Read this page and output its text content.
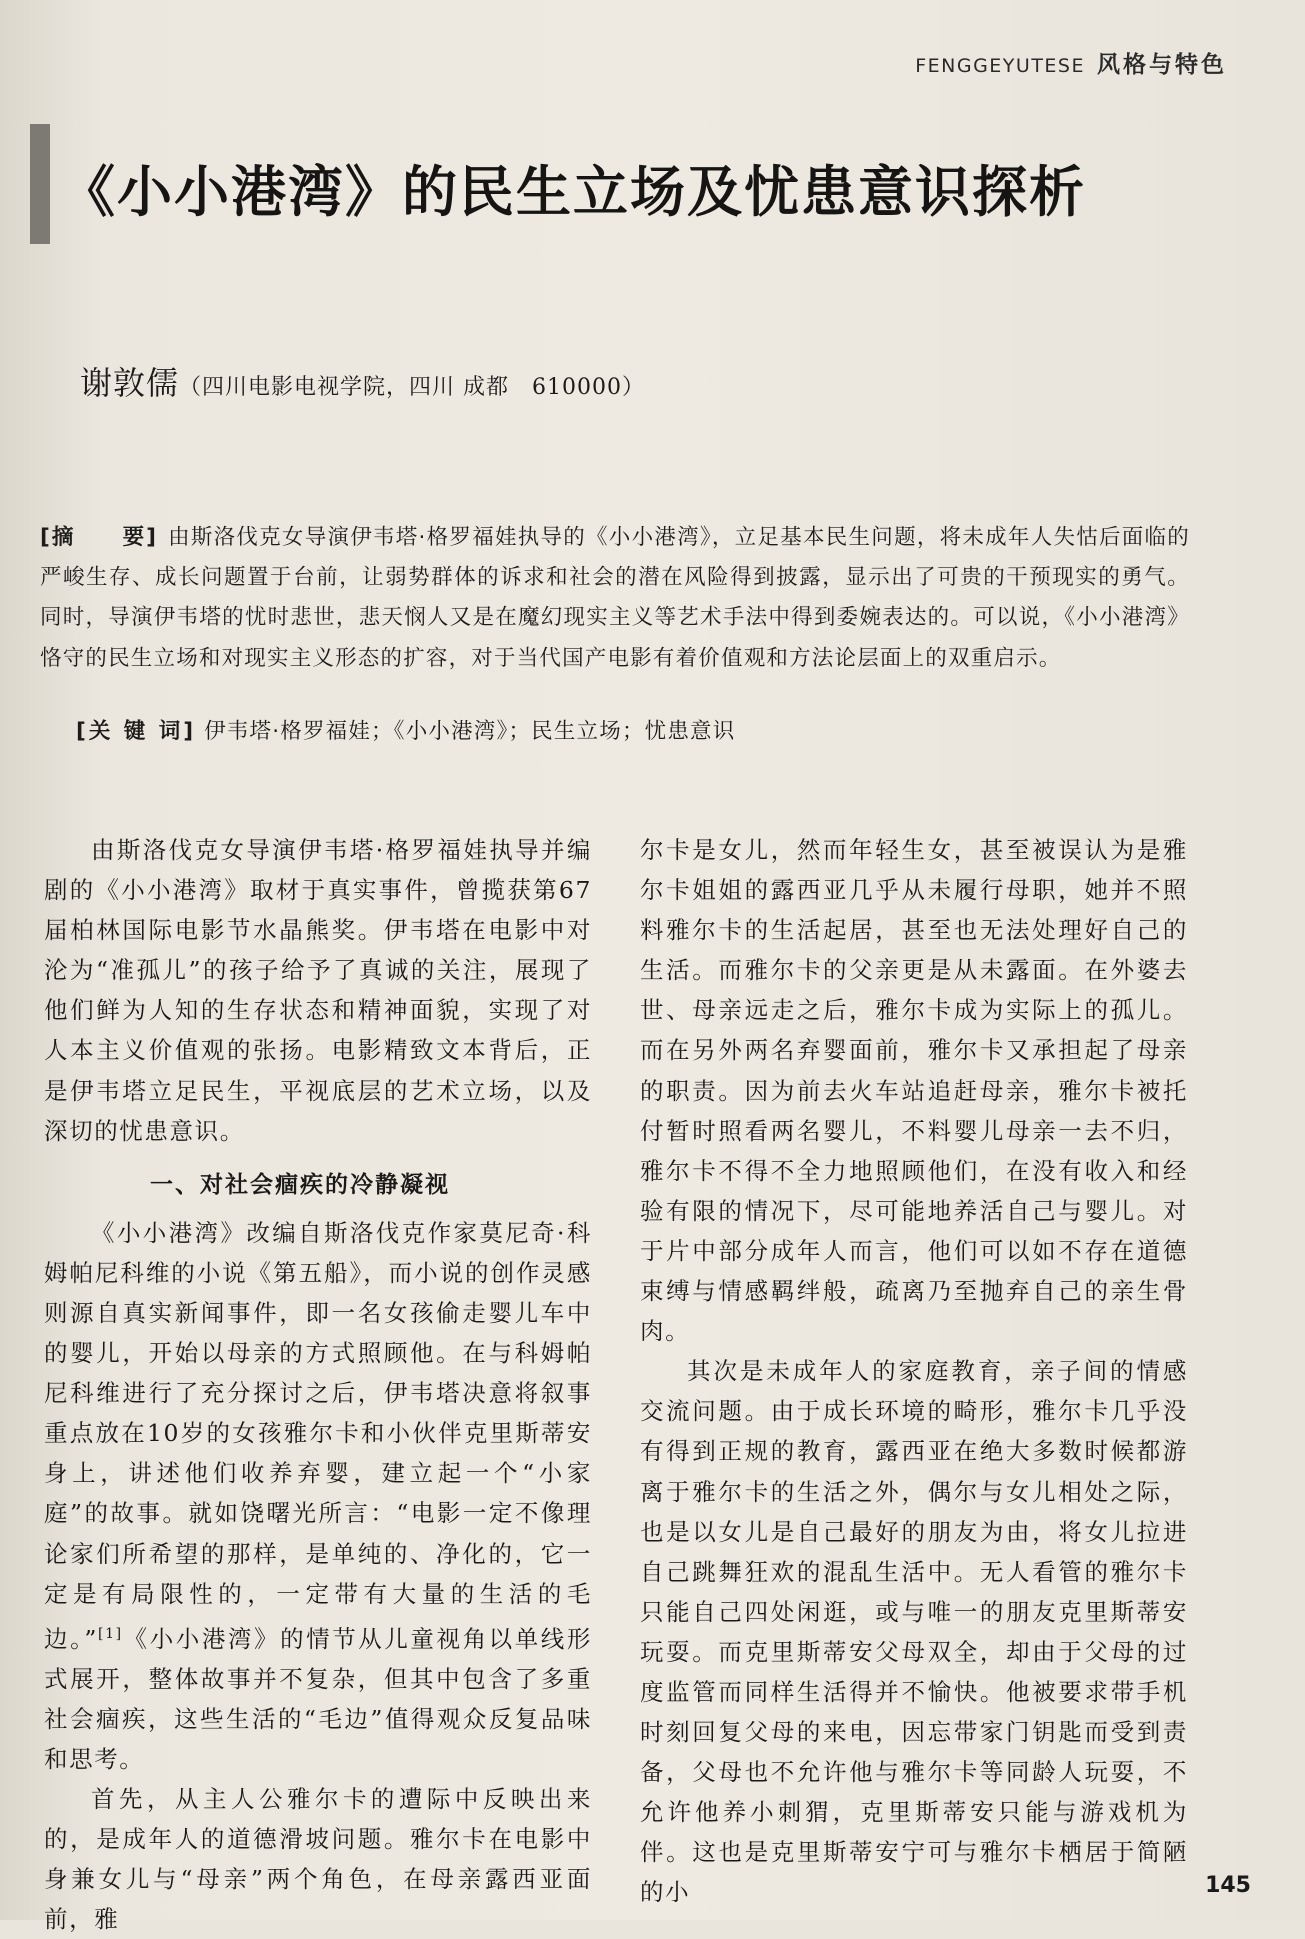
FENGGEYUTESE 风格与特色
《小小港湾》的民生立场及忧患意识探析
谢敦儒（四川电影电视学院，四川 成都　610000）

[摘　　要] 由斯洛伐克女导演伊韦塔·格罗福娃执导的《小小港湾》，立足基本民生问题，将未成年人失怙后面临的严峻生存、成长问题置于台前，让弱势群体的诉求和社会的潜在风险得到披露，显示出了可贵的干预现实的勇气。同时，导演伊韦塔的忧时悲世，悲天悯人又是在魔幻现实主义等艺术手法中得到委婉表达的。可以说，《小小港湾》恪守的民生立场和对现实主义形态的扩容，对于当代国产电影有着价值观和方法论层面上的双重启示。

[关 键 词] 伊韦塔·格罗福娃；《小小港湾》；民生立场；忧患意识

由斯洛伐克女导演伊韦塔·格罗福娃执导并编剧的《小小港湾》取材于真实事件，曾揽获第67届柏林国际电影节水晶熊奖。伊韦塔在电影中对沦为“准孤儿”的孩子给予了真诚的关注，展现了他们鲜为人知的生存状态和精神面貌，实现了对人本主义价值观的张扬。电影精致文本背后，正是伊韦塔立足民生，平视底层的艺术立场，以及深切的忧患意识。

一、对社会痼疾的冷静凝视

《小小港湾》改编自斯洛伐克作家莫尼奇·科姆帕尼科维的小说《第五船》，而小说的创作灵感则源自真实新闻事件，即一名女孩偷走婴儿车中的婴儿，开始以母亲的方式照顾他。在与科姆帕尼科维进行了充分探讨之后，伊韦塔决意将叙事重点放在10岁的女孩雅尔卡和小伙伴克里斯蒂安身上，讲述他们收养弃婴，建立起一个“小家庭”的故事。就如饶曙光所言：“电影一定不像理论家们所希望的那样，是单纯的、净化的，它一定是有局限性的，一定带有大量的生活的毛边。”[1]《小小港湾》的情节从儿童视角以单线形式展开，整体故事并不复杂，但其中包含了多重社会痼疾，这些生活的“毛边”值得观众反复品味和思考。

首先，从主人公雅尔卡的遭际中反映出来的，是成年人的道德滑坡问题。雅尔卡在电影中身兼女儿与“母亲”两个角色，在母亲露西亚面前，雅

尔卡是女儿，然而年轻生女，甚至被误认为是雅尔卡姐姐的露西亚几乎从未履行母职，她并不照料雅尔卡的生活起居，甚至也无法处理好自己的生活。而雅尔卡的父亲更是从未露面。在外婆去世、母亲远走之后，雅尔卡成为实际上的孤儿。而在另外两名弃婴面前，雅尔卡又承担起了母亲的职责。因为前去火车站追赶母亲，雅尔卡被托付暂时照看两名婴儿，不料婴儿母亲一去不归，雅尔卡不得不全力地照顾他们，在没有收入和经验有限的情况下，尽可能地养活自己与婴儿。对于片中部分成年人而言，他们可以如不存在道德束缚与情感羁绊般，疏离乃至抛弃自己的亲生骨肉。

其次是未成年人的家庭教育，亲子间的情感交流问题。由于成长环境的畸形，雅尔卡几乎没有得到正规的教育，露西亚在绝大多数时候都游离于雅尔卡的生活之外，偶尔与女儿相处之际，也是以女儿是自己最好的朋友为由，将女儿拉进自己跳舞狂欢的混乱生活中。无人看管的雅尔卡只能自己四处闲逛，或与唯一的朋友克里斯蒂安玩耍。而克里斯蒂安父母双全，却由于父母的过度监管而同样生活得并不愉快。他被要求带手机时刻回复父母的来电，因忘带家门钥匙而受到责备，父母也不允许他与雅尔卡等同龄人玩耍，不允许他养小刺猬，克里斯蒂安只能与游戏机为伴。这也是克里斯蒂安宁可与雅尔卡栖居于简陋的小	145
